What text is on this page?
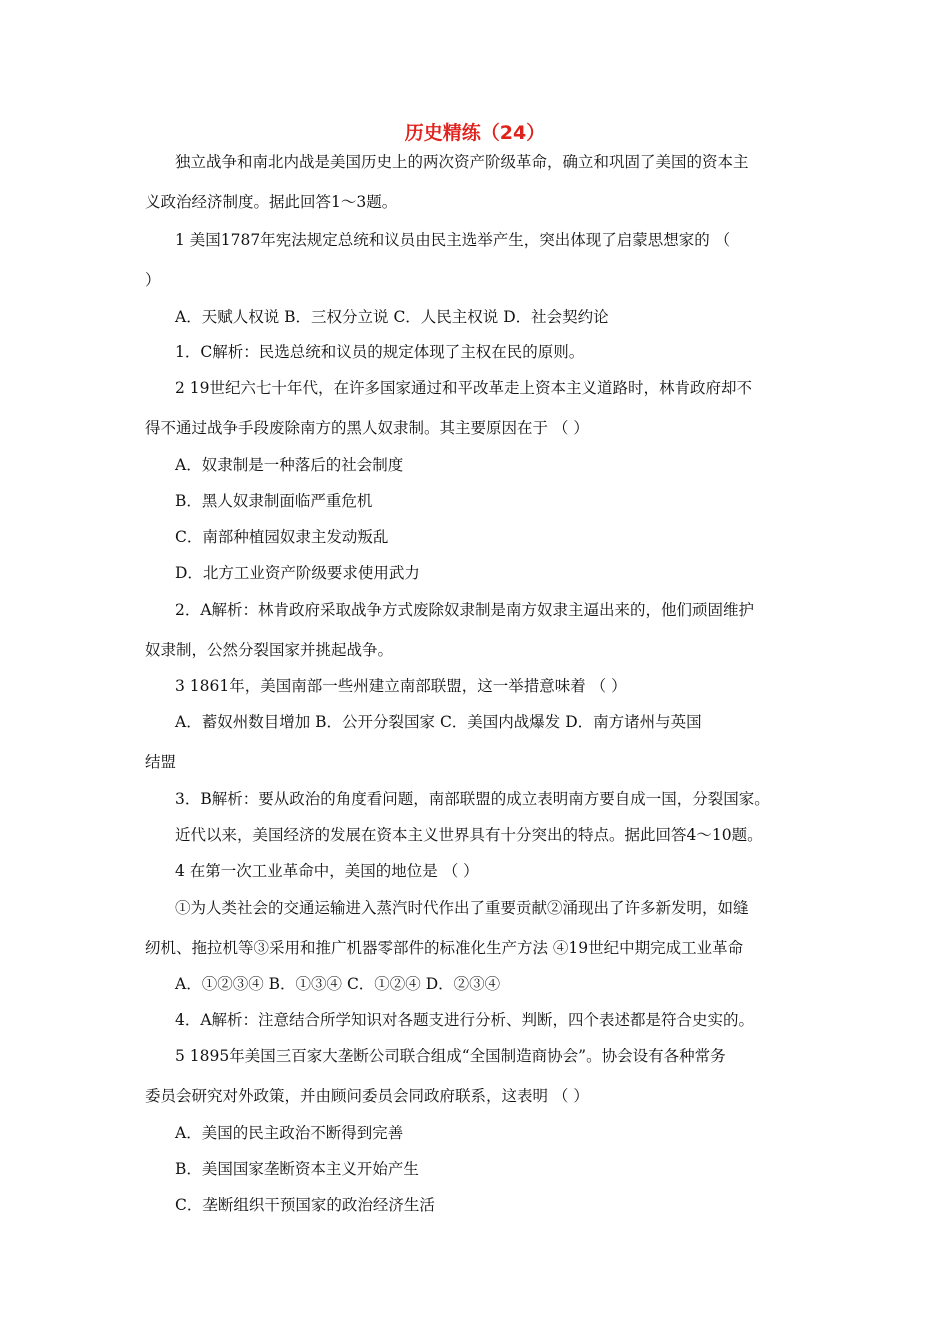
历史精练（24）
独立战争和南北内战是美国历史上的两次资产阶级革命，确立和巩固了美国的资本主
义政治经济制度。据此回答1～3题。
1 美国1787年宪法规定总统和议员由民主选举产生，突出体现了启蒙思想家的 （
）
A．天赋人权说 B．三权分立说 C．人民主权说 D．社会契约论
1．C解析：民选总统和议员的规定体现了主权在民的原则。
2 19世纪六七十年代，在许多国家通过和平改革走上资本主义道路时，林肯政府却不
得不通过战争手段废除南方的黑人奴隶制。其主要原因在于 （ ）
A．奴隶制是一种落后的社会制度
B．黑人奴隶制面临严重危机
C．南部种植园奴隶主发动叛乱
D．北方工业资产阶级要求使用武力
2．A解析：林肯政府采取战争方式废除奴隶制是南方奴隶主逼出来的，他们顽固维护
奴隶制，公然分裂国家并挑起战争。
3 1861年，美国南部一些州建立南部联盟，这一举措意味着 （ ）
A．蓄奴州数目增加 B．公开分裂国家 C．美国内战爆发 D．南方诸州与英国
结盟
3．B解析：要从政治的角度看问题，南部联盟的成立表明南方要自成一国，分裂国家。
近代以来，美国经济的发展在资本主义世界具有十分突出的特点。据此回答4～10题。
4 在第一次工业革命中，美国的地位是 （ ）
①为人类社会的交通运输进入蒸汽时代作出了重要贡献②涌现出了许多新发明，如缝
纫机、拖拉机等③采用和推广机器零部件的标准化生产方法 ④19世纪中期完成工业革命
A．①②③④ B．①③④ C．①②④ D．②③④
4．A解析：注意结合所学知识对各题支进行分析、判断，四个表述都是符合史实的。
5 1895年美国三百家大垄断公司联合组成“全国制造商协会”。协会设有各种常务
委员会研究对外政策，并由顾问委员会同政府联系，这表明 （ ）
A．美国的民主政治不断得到完善
B．美国国家垄断资本主义开始产生
C．垄断组织干预国家的政治经济生活
